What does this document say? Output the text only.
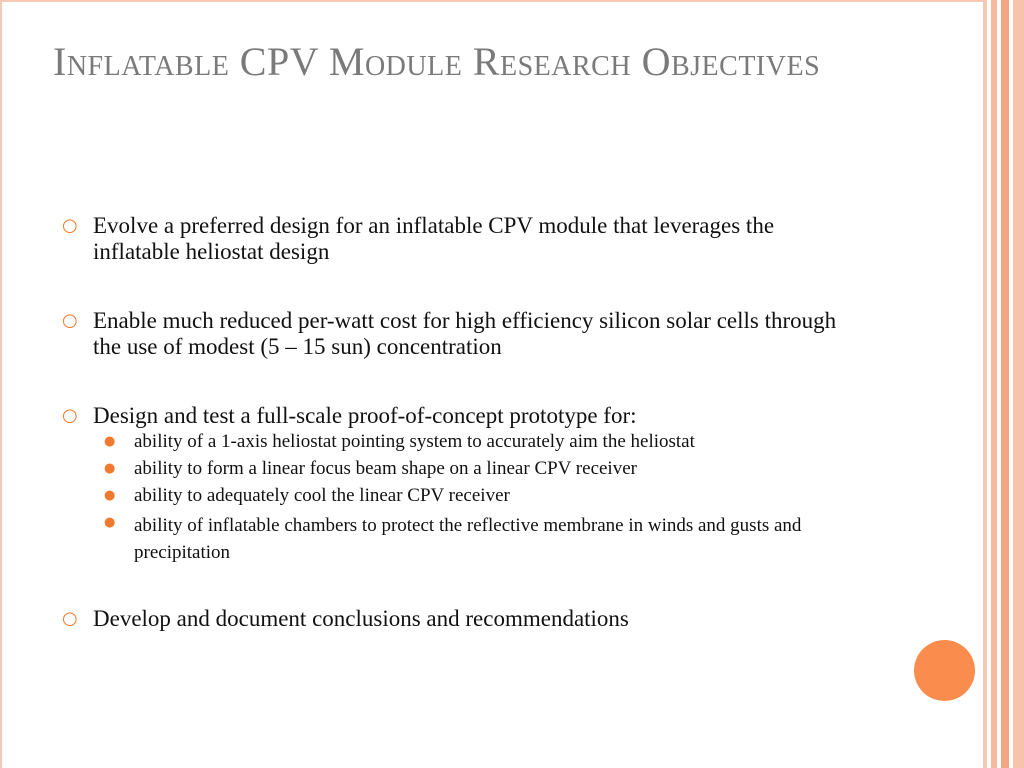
Inflatable CPV Module Research Objectives
○ Evolve a preferred design for an inflatable CPV module that leverages the inflatable heliostat design
○ Enable much reduced per-watt cost for high efficiency silicon solar cells through the use of modest (5 – 15 sun) concentration
○ Design and test a full-scale proof-of-concept prototype for:
● ability of a 1-axis heliostat pointing system to accurately aim the heliostat
● ability to form a linear focus beam shape on a linear CPV receiver
● ability to adequately cool the linear CPV receiver
● ability of inflatable chambers to protect the reflective membrane in winds and gusts and precipitation
○ Develop and document conclusions and recommendations
